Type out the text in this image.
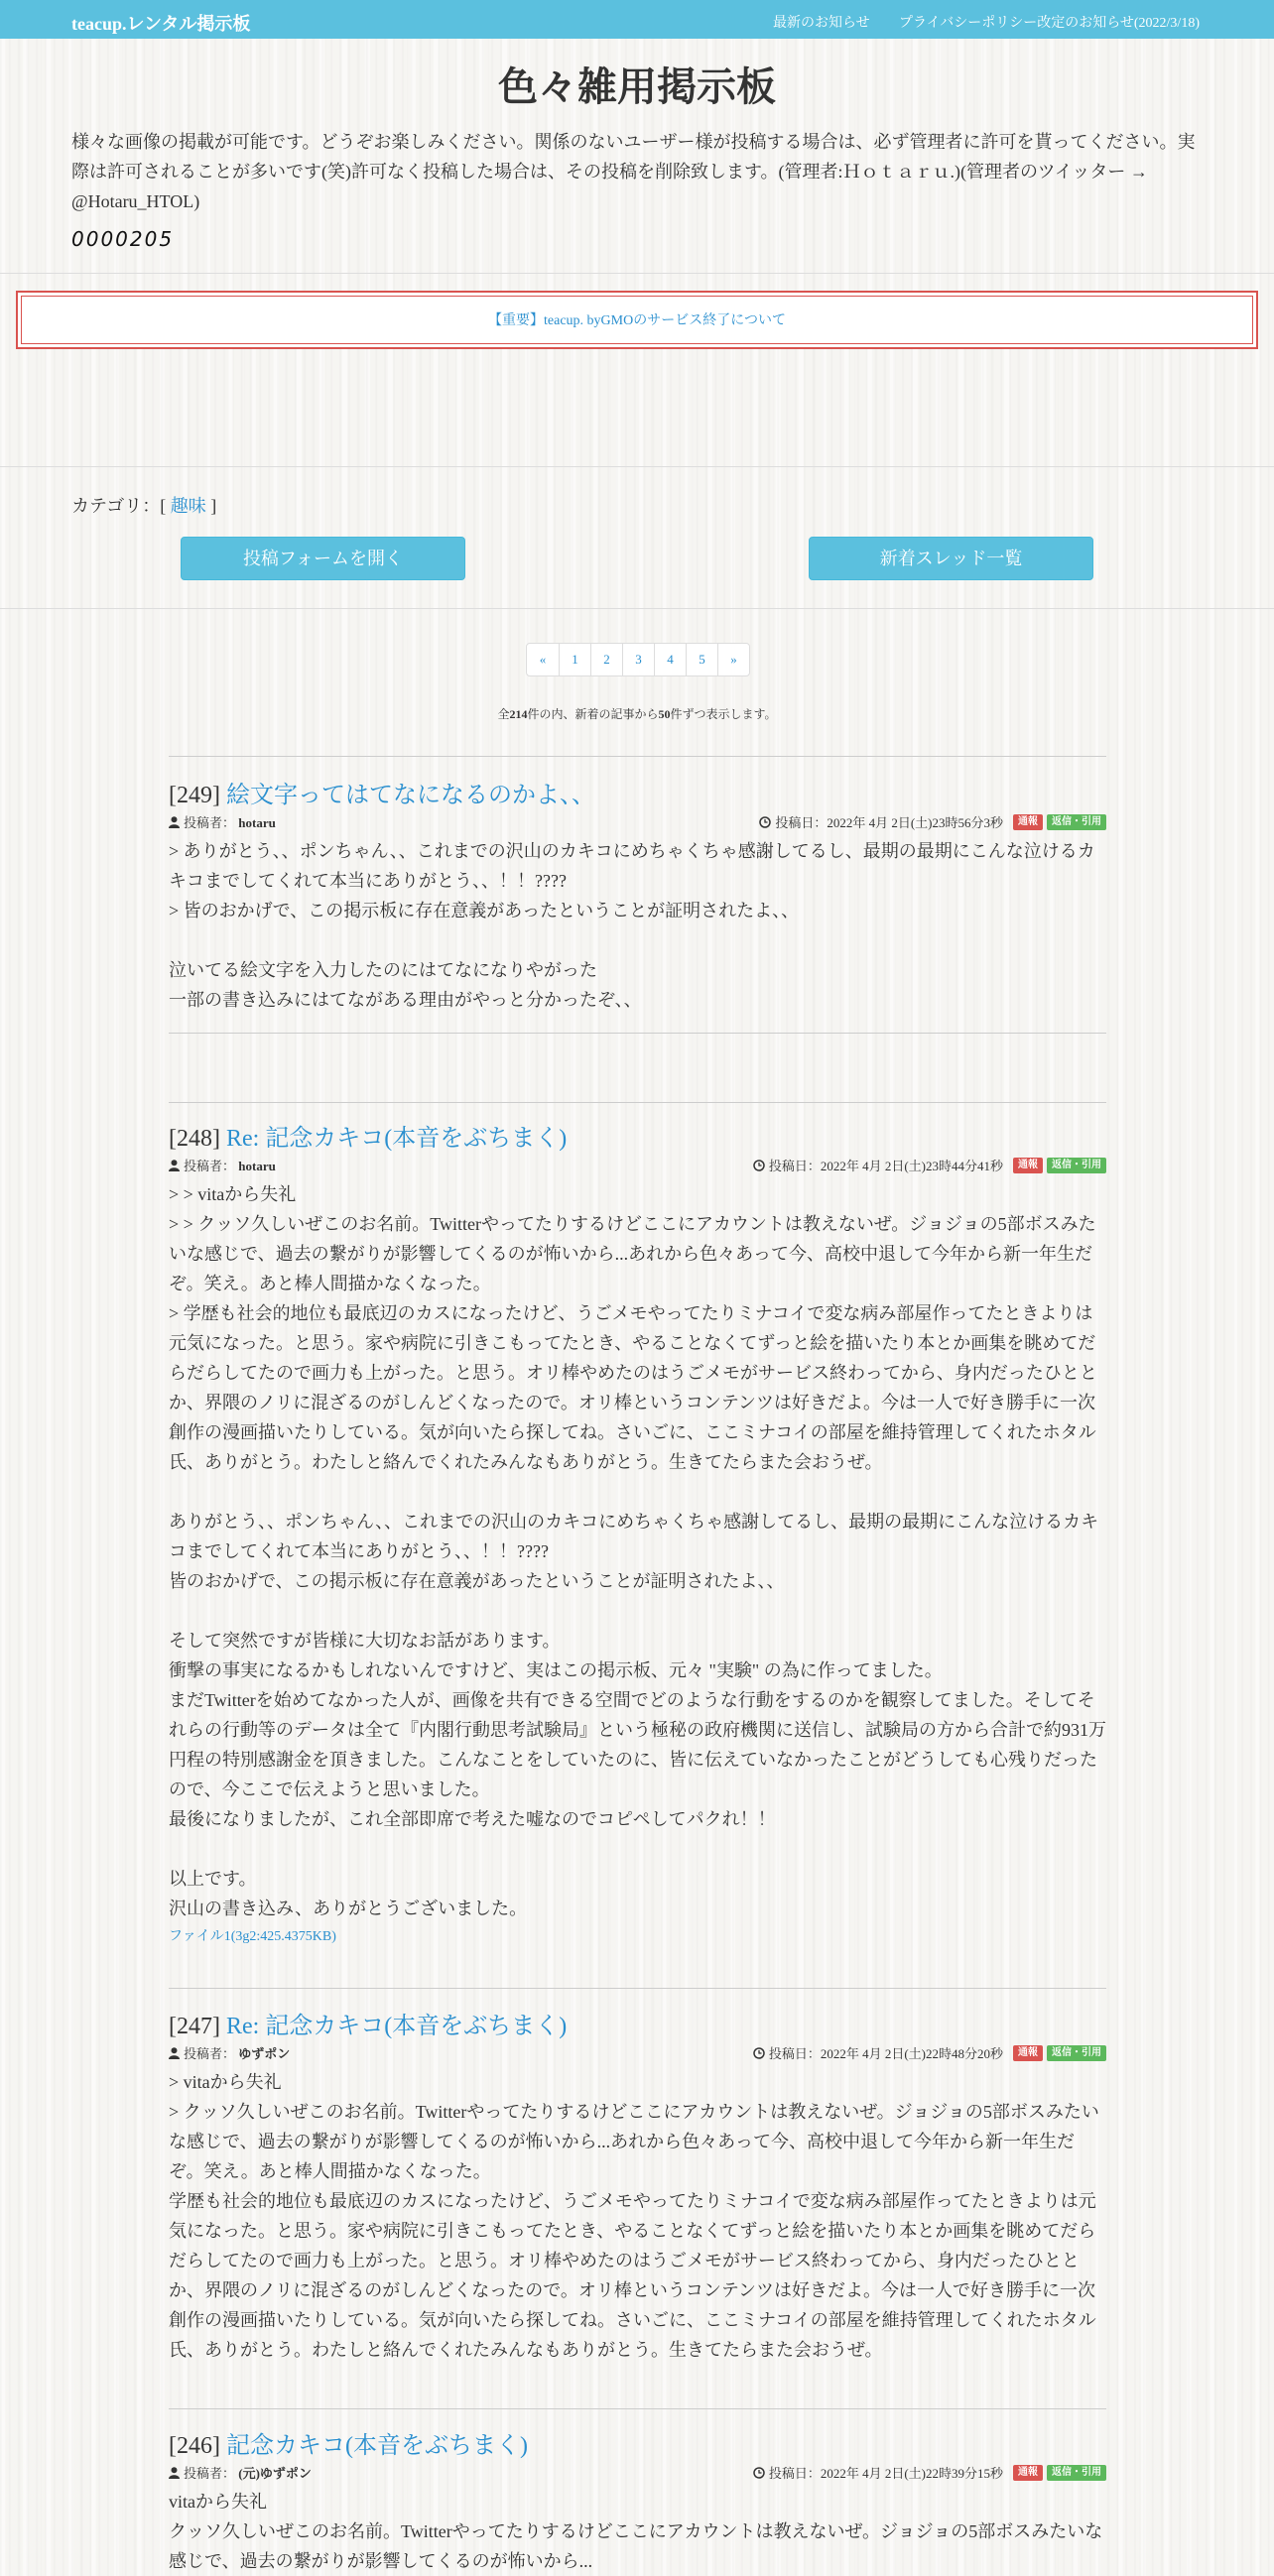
teacup.レンタル掲示板	最新のお知らせ プライバシーポリシー改定のお知らせ(2022/3/18)
色々雑用掲示板

様々な画像の掲載が可能です。どうぞお楽しみください。関係のないユーザー様が投稿する場合は、必ず管理者に許可を貰ってください。実際は許可されることが多いです(笑)許可なく投稿した場合は、その投稿を削除致します。(管理者:Ｈｏｔａｒｕ.)(管理者のツイッター → @Hotaru_HTOL)

0000205
【重要】teacup. byGMOのサービス終了について
カテゴリ：[ 趣味 ]
投稿フォームを開く	新着スレッド一覧
«	1	2	3	4	5	»
全214件の内、新着の記事から50件ずつ表示します。
[249] 絵文字ってはてなになるのかよ、、
投稿者： hotaru	投稿日：2022年 4月 2日(土)23時56分3秒	通報	返信・引用
> ありがとう、、ポンちゃん、、これまでの沢山のカキコにめちゃくちゃ感謝してるし、最期の最期にこんな泣けるカキコまでしてくれて本当にありがとう、、！！????
> 皆のおかげで、この掲示板に存在意義があったということが証明されたよ、、

泣いてる絵文字を入力したのにはてなになりやがった
一部の書き込みにはてながある理由がやっと分かったぞ、、
[248] Re: 記念カキコ(本音をぶちまく)
投稿者： hotaru	投稿日：2022年 4月 2日(土)23時44分41秒	通報	返信・引用
> > vitaから失礼
> > クッソ久しいぜこのお名前。Twitterやってたりするけどここにアカウントは教えないぜ。ジョジョの5部ボスみたいな感じで、過去の繋がりが影響してくるのが怖いから...あれから色々あって今、高校中退して今年から新一年生だぞ。笑え。あと棒人間描かなくなった。
> 学歴も社会的地位も最底辺のカスになったけど、うごメモやってたりミナコイで変な病み部屋作ってたときよりは元気になった。と思う。家や病院に引きこもってたとき、やることなくてずっと絵を描いたり本とか画集を眺めてだらだらしてたので画力も上がった。と思う。オリ棒やめたのはうごメモがサービス終わってから、身内だったひととか、界隈のノリに混ざるのがしんどくなったので。オリ棒というコンテンツは好きだよ。今は一人で好き勝手に一次創作の漫画描いたりしている。気が向いたら探してね。さいごに、ここミナコイの部屋を維持管理してくれたホタル氏、ありがとう。わたしと絡んでくれたみんなもありがとう。生きてたらまた会おうぜ。

ありがとう、、ポンちゃん、、これまでの沢山のカキコにめちゃくちゃ感謝してるし、最期の最期にこんな泣けるカキコまでしてくれて本当にありがとう、、！！????
皆のおかげで、この掲示板に存在意義があったということが証明されたよ、、

そして突然ですが皆様に大切なお話があります。
衝撃の事実になるかもしれないんですけど、実はこの掲示板、元々 "実験" の為に作ってました。
まだTwitterを始めてなかった人が、画像を共有できる空間でどのような行動をするのかを観察してました。そしてそれらの行動等のデータは全て『内閣行動思考試験局』という極秘の政府機関に送信し、試験局の方から合計で約931万円程の特別感謝金を頂きました。こんなことをしていたのに、皆に伝えていなかったことがどうしても心残りだったので、今ここで伝えようと思いました。
最後になりましたが、これ全部即席で考えた嘘なのでコピペしてパクれ！！

以上です。
沢山の書き込み、ありがとうございました。
ファイル1(3g2:425.4375KB)
[247] Re: 記念カキコ(本音をぶちまく)
投稿者： ゆずポン	投稿日：2022年 4月 2日(土)22時48分20秒	通報	返信・引用
> vitaから失礼
> クッソ久しいぜこのお名前。Twitterやってたりするけどここにアカウントは教えないぜ。ジョジョの5部ボスみたいな感じで、過去の繋がりが影響してくるのが怖いから...あれから色々あって今、高校中退して今年から新一年生だぞ。笑え。あと棒人間描かなくなった。
学歴も社会的地位も最底辺のカスになったけど、うごメモやってたりミナコイで変な病み部屋作ってたときよりは元気になった。と思う。家や病院に引きこもってたとき、やることなくてずっと絵を描いたり本とか画集を眺めてだらだらしてたので画力も上がった。と思う。オリ棒やめたのはうごメモがサービス終わってから、身内だったひととか、界隈のノリに混ざるのがしんどくなったので。オリ棒というコンテンツは好きだよ。今は一人で好き勝手に一次創作の漫画描いたりしている。気が向いたら探してね。さいごに、ここミナコイの部屋を維持管理してくれたホタル氏、ありがとう。わたしと絡んでくれたみんなもありがとう。生きてたらまた会おうぜ。
[246] 記念カキコ(本音をぶちまく)
投稿者： (元)ゆずポン	投稿日：2022年 4月 2日(土)22時39分15秒	通報	返信・引用
vitaから失礼
クッソ久しいぜこのお名前。Twitterやってたりするけどここにアカウントは教えないぜ。ジョジョの5部ボスみたいな感じで、過去の繋がりが影響してくるのが怖いから...
